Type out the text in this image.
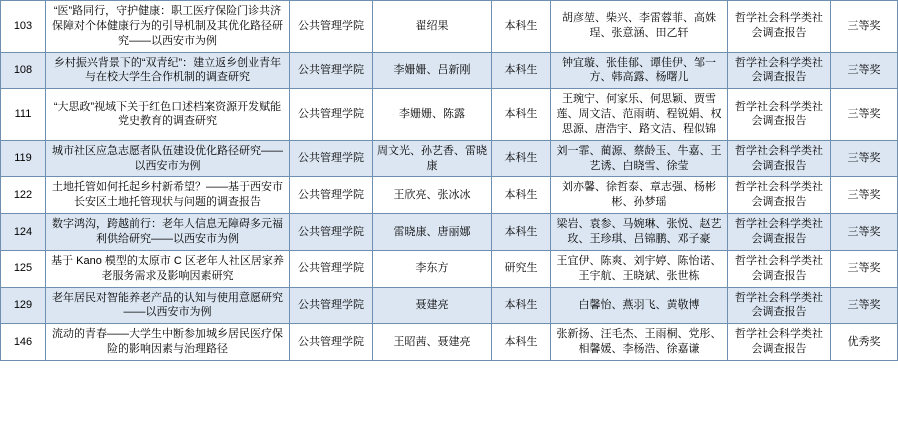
103	“医”路同行，守护健康：职工医疗保险门诊共济保障对个体健康行为的引导机制及其优化路径研究——以西安市为例	公共管理学院	翟绍果	本科生	胡彦堃、柴兴、李雷蓉菲、高姝珵、张意涵、田乙轩	哲学社会科学类社会调查报告	三等奖
108	乡村振兴背景下的“双青纪”：建立返乡创业青年与在校大学生合作机制的调查研究	公共管理学院	李姗姗、吕新刚	本科生	钟宜璇、张佳郁、谭佳伊、邹一方、韩高露、杨曙儿	哲学社会科学类社会调查报告	三等奖
111	“大思政”视域下关于红色口述档案资源开发赋能党史教育的调查研究	公共管理学院	李姗姗、陈露	本科生	王琬宁、何家乐、何思颖、贾雪莲、周文洁、范雨萌、程锐娟、权思源、唐浩宇、路文洁、程似锦	哲学社会科学类社会调查报告	三等奖
119	城市社区应急志愿者队伍建设优化路径研究——以西安市为例	公共管理学院	周文光、孙艺香、雷晓康	本科生	刘一霏、蔺源、蔡龄玉、牛嘉、王艺诱、白晓雪、徐莹	哲学社会科学类社会调查报告	三等奖
122	土地托管如何托起乡村新希望？——基于西安市长安区土地托管现状与问题的调查报告	公共管理学院	王欣亮、张冰冰	本科生	刘亦馨、徐哲泰、章志强、杨彬彬、孙梦瑶	哲学社会科学类社会调查报告	三等奖
124	数字鸿沟，跨越前行：老年人信息无障碍多元福利供给研究——以西安市为例	公共管理学院	雷晓康、唐丽娜	本科生	梁岩、袁参、马婉琳、张悦、赵艺玫、王珍琪、吕锦鹏、邓子豪	哲学社会科学类社会调查报告	三等奖
125	基于 Kano 模型的太原市 C 区老年人社区居家养老服务需求及影响因素研究	公共管理学院	李东方	研究生	王宜伊、陈爽、刘宇婷、陈怡诺、王宇航、王晓斌、张世栋	哲学社会科学类社会调查报告	三等奖
129	老年居民对智能养老产品的认知与使用意愿研究——以西安市为例	公共管理学院	聂建亮	本科生	白馨怡、燕羽飞、黄敬博	哲学社会科学类社会调查报告	三等奖
146	流动的青春——大学生中断参加城乡居民医疗保险的影响因素与治理路径	公共管理学院	王昭茜、聂建亮	本科生	张新扬、汪毛杰、王雨桐、党彤、相馨媛、李杨浩、徐嘉谦	哲学社会科学类社会调查报告	优秀奖
